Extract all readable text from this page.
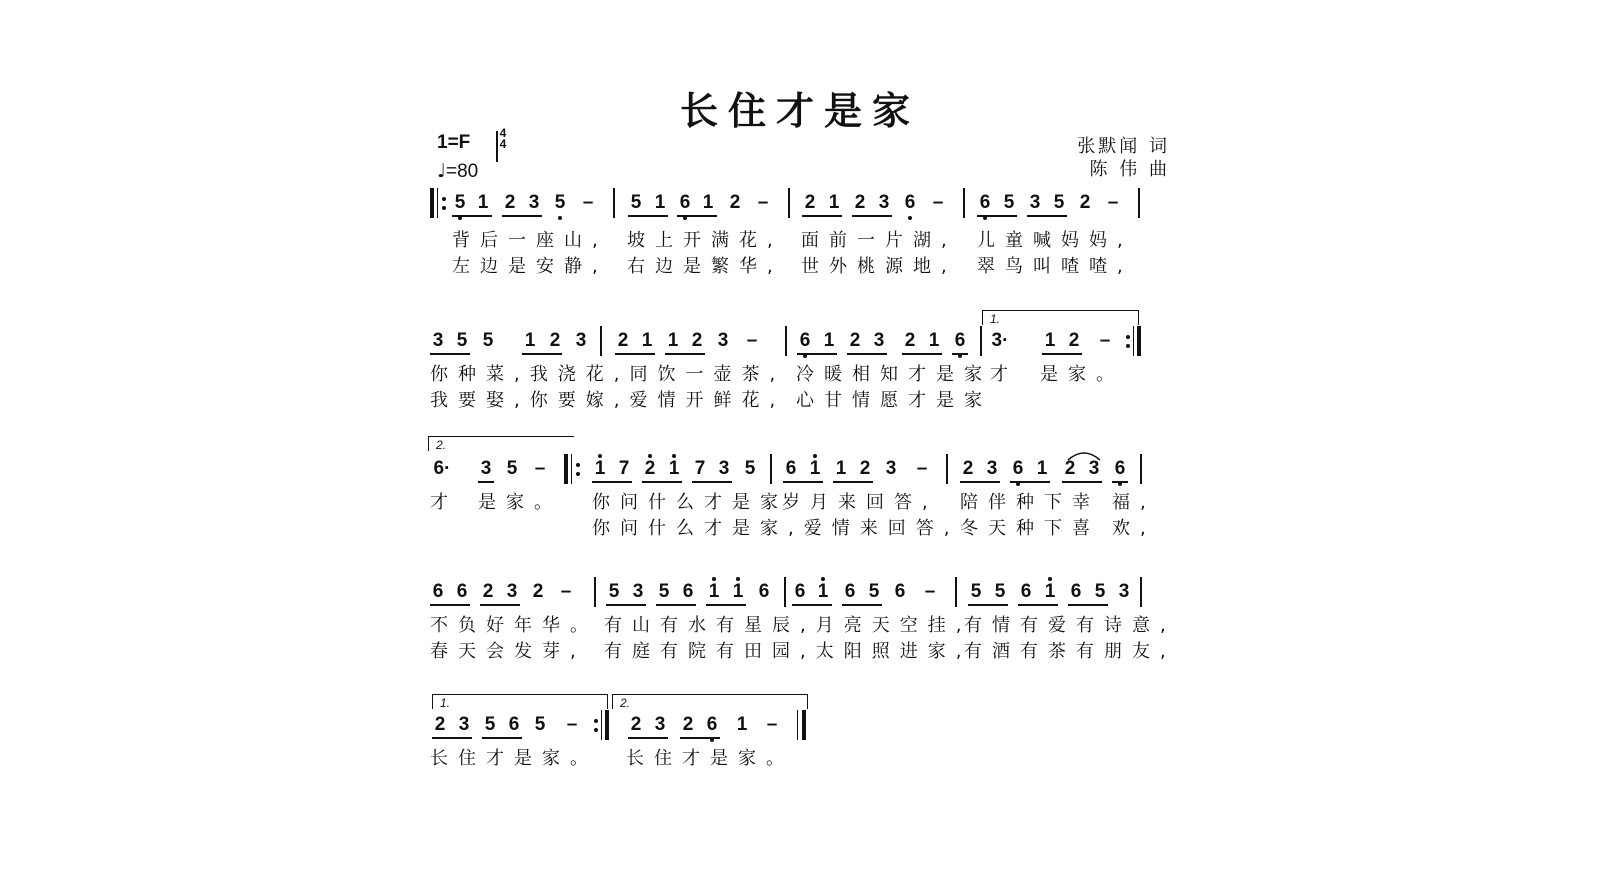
长住才是家
1=F	4
4
♩=80
张默闻 词
陈 伟 曲
5 1 2 3 5 – 5 1 6 1 2 – 2 1 2 3 6 – 6 5 3 5 2 –
背后一座山, 坡上开满花, 面前一片湖, 儿童喊妈妈,
左边是安静, 右边是繁华, 世外桃源地, 翠鸟叫喳喳,
3 5 5 1 2 3 2 1 1 2 3 – 6 1 2 3 2 1 6
1.
3· 1 2 –
你种菜,我浇花,同饮一壶茶, 冷暖相知才是家
才 是家。
我要娶,你要嫁,爱情开鲜花, 心甘情愿才是家
2.
6· 3 5 –	1 7 2 1 7 3 5 6 1 1 2 3 – 2 3 6 1 2 3 6
才 是家。 你问什么才是家
岁月来回答, 陪伴种下幸 福,
你问什么才是家,爱情来回答, 冬天种下喜 欢,
6 6 2 3 2 – 5 3 5 6 1 1 6 6 1 6 5 6 – 5 5 6 1 6 5 3
不负好年华。 有山有水有星辰,月亮天空挂,
有情有爱有诗意,
春天会发芽, 有庭有院有田园,太阳照进家,
有酒有茶有朋友,
1.
2 3 5 6 5 –
2.
2 3 2 6 1 –
长住才是家。 长住才是家。
